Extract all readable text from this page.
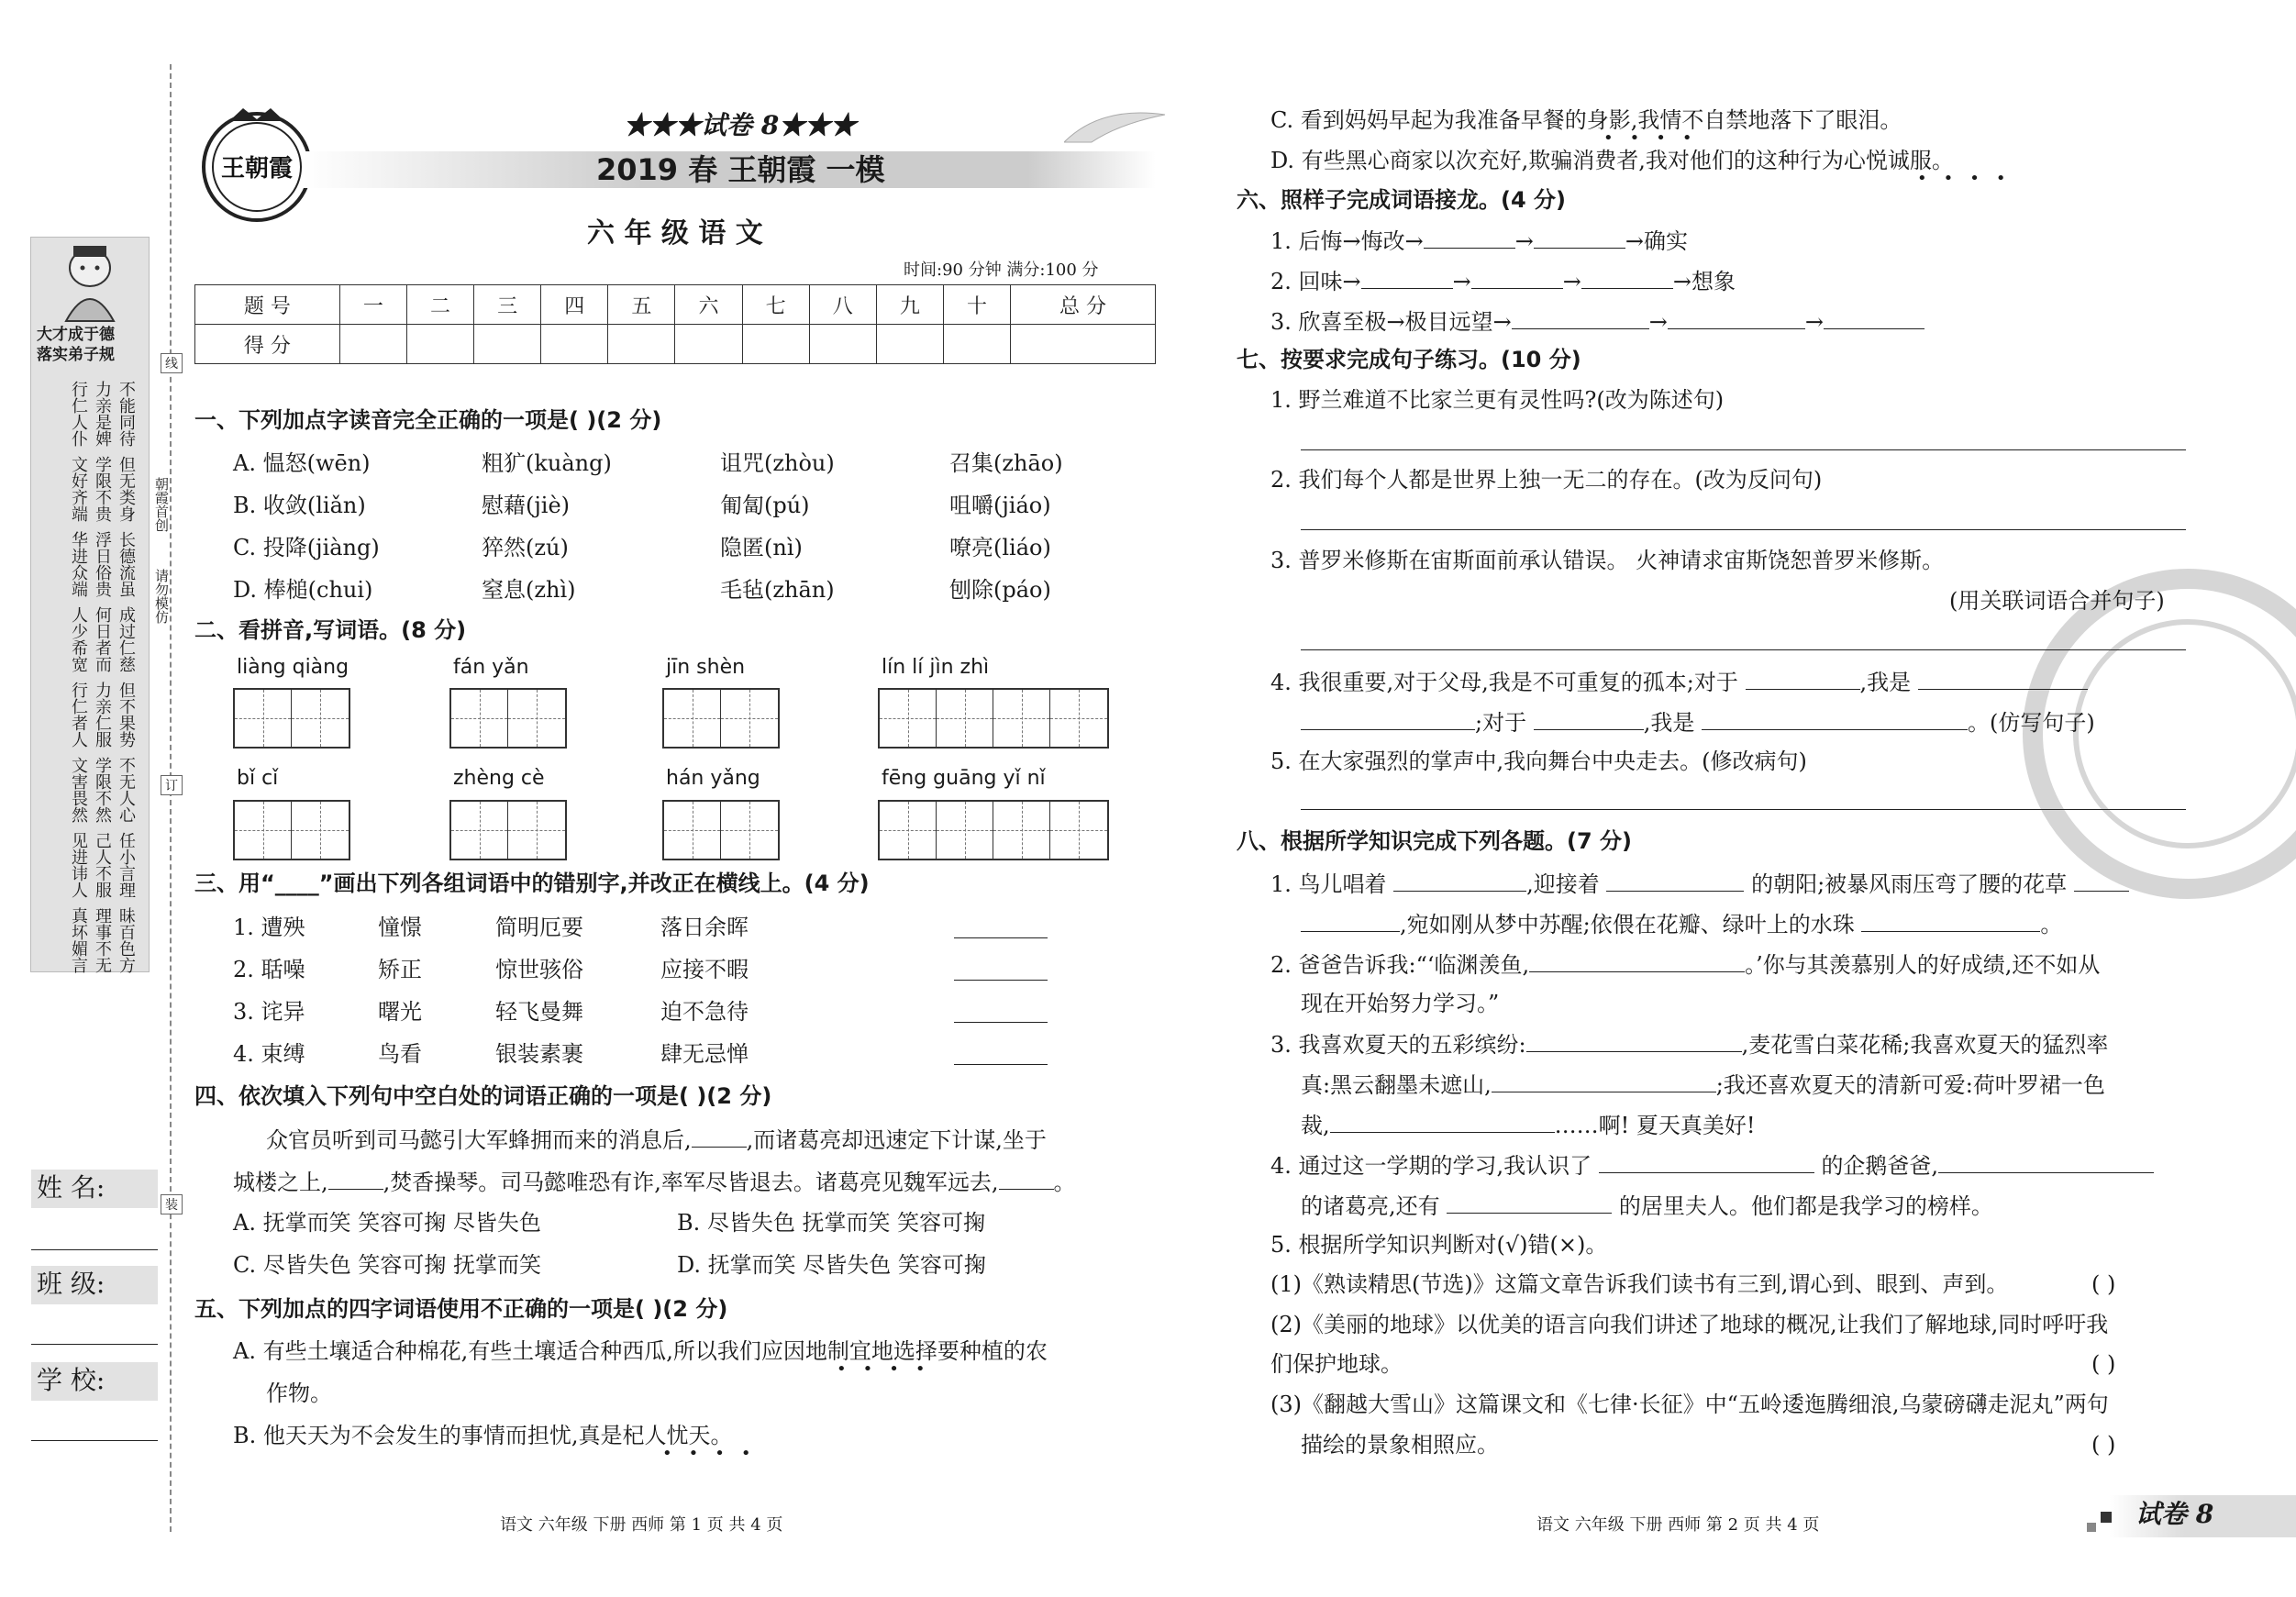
大才成于德
落实弟子规
不能同待
力亲是婢
行仁人仆
但无类身
学限不贵
文好齐端
长德流虽
浮日俗贵
华进众端
成过仁慈
何日者而
人少希宽
但不果势
力亲仁服
行仁者人
不无人心
学限不然
文害畏然
任小言理
己人不服
见进讳人
昧百色方
理事不无
真坏媚言
线
订
装
朝霞首创
请勿模仿
姓 名:
班 级:
学 校:
王朝霞
★★★试卷 8★★★
2019 春 王朝霞 一模
六 年 级 语 文
时间:90 分钟 满分:100 分
题 号	一	二	三	四	五	六	七	八	九	十	总 分
得 分											
一、下列加点字读音完全正确的一项是( )(2 分)
A. 愠怒(wēn)	粗犷(kuàng)	诅咒(zhòu)	召集(zhāo)
B. 收敛(liǎn)	慰藉(jiè)	匍匐(pú)	咀嚼(jiáo)
C. 投降(jiàng)	猝然(zú)	隐匿(nì)	嘹亮(liáo)
D. 棒槌(chui)	窒息(zhì)	毛毡(zhān)	刨除(páo)
二、看拼音,写词语。(8 分)
liàng qiàng	fán yǎn	jīn shèn	lín lí jìn zhì
bǐ cǐ	zhèng cè	hán yǎng	fēng guāng yǐ nǐ
三、用“____”画出下列各组词语中的错别字,并改正在横线上。(4 分)
1. 遭殃	憧憬	简明厄要	落日余晖
2. 聒噪	矫正	惊世骇俗	应接不暇
3. 诧异	曙光	轻飞曼舞	迫不急待
4. 束缚	鸟看	银装素裹	肆无忌惮
四、依次填入下列句中空白处的词语正确的一项是( )(2 分)
众官员听到司马懿引大军蜂拥而来的消息后,	,而诸葛亮却迅速定下计谋,坐于
城楼之上,	,焚香操琴。司马懿唯恐有诈,率军尽皆退去。诸葛亮见魏军远去,	。
A. 抚掌而笑 笑容可掬 尽皆失色	B. 尽皆失色 抚掌而笑 笑容可掬
C. 尽皆失色 笑容可掬 抚掌而笑	D. 抚掌而笑 尽皆失色 笑容可掬
五、下列加点的四字词语使用不正确的一项是( )(2 分)
A. 有些土壤适合种棉花,有些土壤适合种西瓜,所以我们应因地制宜地选择要种植的农
••••
作物。
B. 他天天为不会发生的事情而担忧,真是杞人忧天。
••••
C. 看到妈妈早起为我准备早餐的身影,我情不自禁地落下了眼泪。
••••
D. 有些黑心商家以次充好,欺骗消费者,我对他们的这种行为心悦诚服。
••••
六、照样子完成词语接龙。(4 分)
1. 后悔→悔改→	→	→确实
2. 回味→	→	→	→想象
3. 欣喜至极→极目远望→	→	→
七、按要求完成句子练习。(10 分)
1. 野兰难道不比家兰更有灵性吗?(改为陈述句)
2. 我们每个人都是世界上独一无二的存在。(改为反问句)
3. 普罗米修斯在宙斯面前承认错误。 火神请求宙斯饶恕普罗米修斯。
(用关联词语合并句子)
4. 我很重要,对于父母,我是不可重复的孤本;对于	,我是
;对于	,我是	。(仿写句子)
5. 在大家强烈的掌声中,我向舞台中央走去。(修改病句)
八、根据所学知识完成下列各题。(7 分)
1. 鸟儿唱着	,迎接着	的朝阳;被暴风雨压弯了腰的花草
,宛如刚从梦中苏醒;依偎在花瓣、绿叶上的水珠	。
2. 爸爸告诉我:“‘临渊羡鱼,	。’你与其羡慕别人的好成绩,还不如从
现在开始努力学习。”
3. 我喜欢夏天的五彩缤纷:	,麦花雪白菜花稀;我喜欢夏天的猛烈率
真:黑云翻墨未遮山,	;我还喜欢夏天的清新可爱:荷叶罗裙一色
裁,	……啊! 夏天真美好!
4. 通过这一学期的学习,我认识了	的企鹅爸爸,
的诸葛亮,还有	的居里夫人。他们都是我学习的榜样。
5. 根据所学知识判断对(√)错(×)。
(1)《熟读精思(节选)》这篇文章告诉我们读书有三到,谓心到、眼到、声到。	( )
(2)《美丽的地球》以优美的语言向我们讲述了地球的概况,让我们了解地球,同时呼吁我
们保护地球。	( )
(3)《翻越大雪山》这篇课文和《七律·长征》中“五岭逶迤腾细浪,乌蒙磅礴走泥丸”两句
描绘的景象相照应。	( )
语文 六年级 下册 西师 第 1 页 共 4 页	语文 六年级 下册 西师 第 2 页 共 4 页	试卷 8
